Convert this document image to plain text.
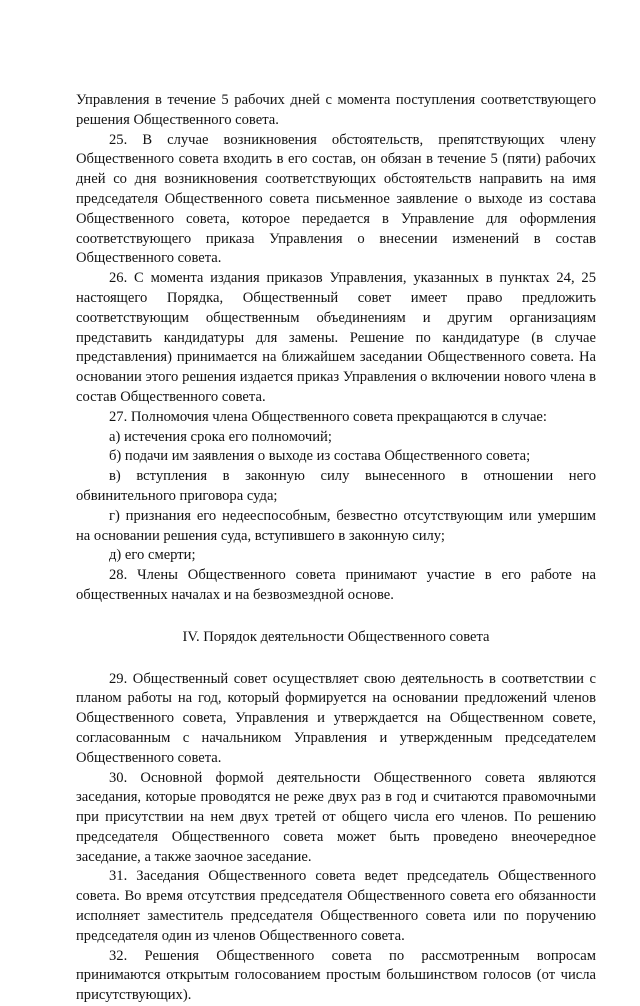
Управления в течение 5 рабочих дней с момента поступления соответствующего решения Общественного совета.

25. В случае возникновения обстоятельств, препятствующих члену Общественного совета входить в его состав, он обязан в течение 5 (пяти) рабочих дней со дня возникновения соответствующих обстоятельств направить на имя председателя Общественного совета письменное заявление о выходе из состава Общественного совета, которое передается в Управление для оформления соответствующего приказа Управления о внесении изменений в состав Общественного совета.

26. С момента издания приказов Управления, указанных в пунктах 24, 25 настоящего Порядка, Общественный совет имеет право предложить соответствующим общественным объединениям и другим организациям представить кандидатуры для замены. Решение по кандидатуре (в случае представления) принимается на ближайшем заседании Общественного совета. На основании этого решения издается приказ Управления о включении нового члена в состав Общественного совета.

27. Полномочия члена Общественного совета прекращаются в случае:

а) истечения срока его полномочий;

б) подачи им заявления о выходе из состава Общественного совета;

в) вступления в законную силу вынесенного в отношении него обвинительного приговора суда;

г) признания его недееспособным, безвестно отсутствующим или умершим на основании решения суда, вступившего в законную силу;

д) его смерти;

28. Члены Общественного совета принимают участие в его работе на общественных началах и на безвозмездной основе.

IV. Порядок деятельности Общественного совета

29. Общественный совет осуществляет свою деятельность в соответствии с планом работы на год, который формируется на основании предложений членов Общественного совета, Управления и утверждается на Общественном совете, согласованным с начальником Управления и утвержденным председателем Общественного совета.

30. Основной формой деятельности Общественного совета являются заседания, которые проводятся не реже двух раз в год и считаются правомочными при присутствии на нем двух третей от общего числа его членов. По решению председателя Общественного совета может быть проведено внеочередное заседание, а также заочное заседание.

31. Заседания Общественного совета ведет председатель Общественного совета. Во время отсутствия председателя Общественного совета его обязанности исполняет заместитель председателя Общественного совета или по поручению председателя один из членов Общественного совета.

32. Решения Общественного совета по рассмотренным вопросам принимаются открытым голосованием простым большинством голосов (от числа присутствующих).
